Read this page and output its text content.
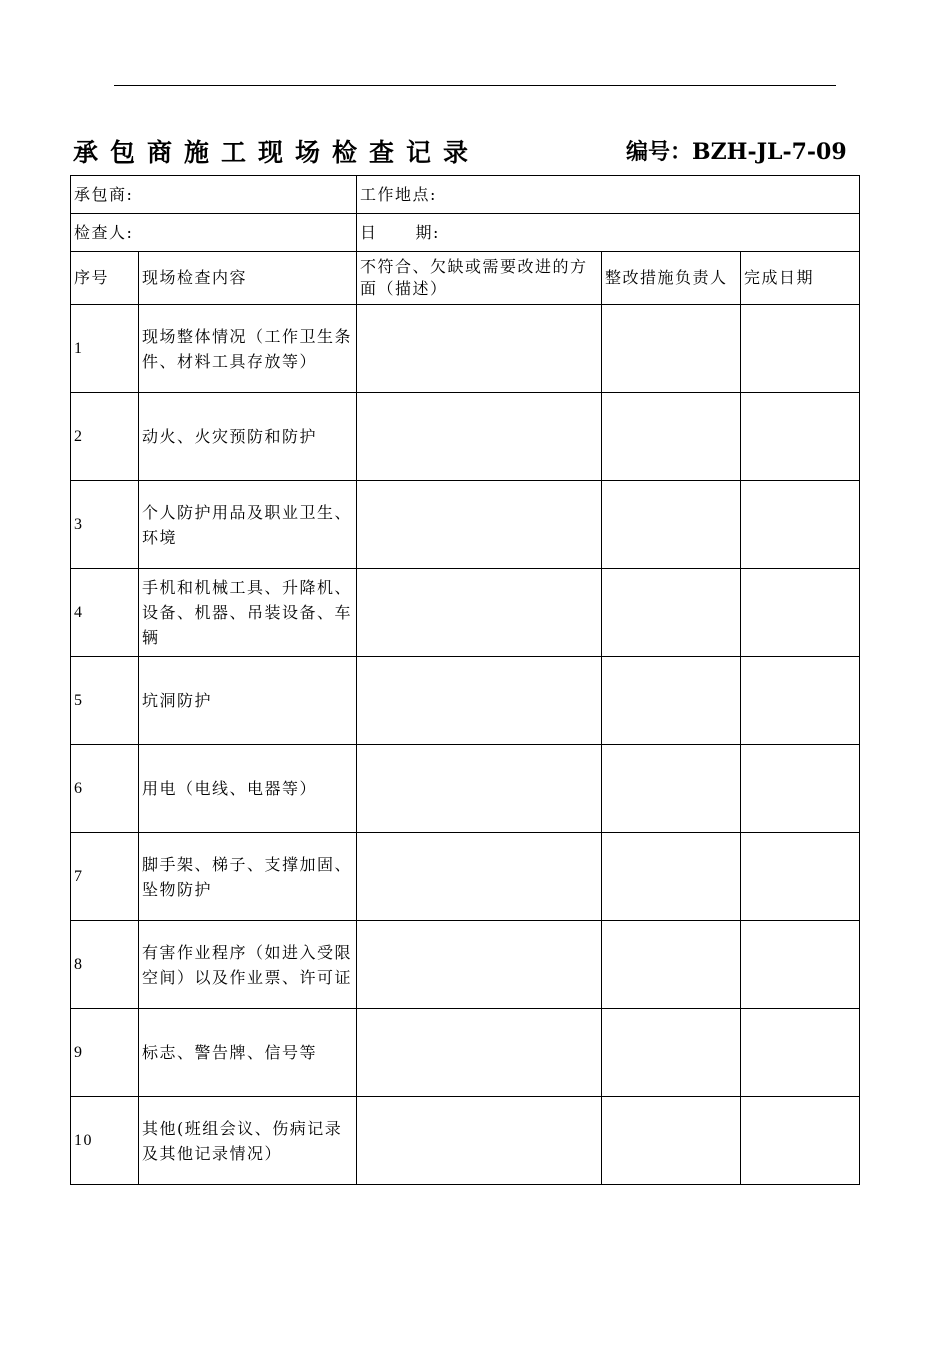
承包商施工现场检查记录	编号：BZH-JL-7-09
承包商:		工作地点:		
检查人:		日 期:		
序号	现场检查内容	不符合、欠缺或需要改进的方面（描述）	整改措施负责人	完成日期
1	现场整体情况（工作卫生条件、材料工具存放等）			
2	动火、火灾预防和防护			
3	个人防护用品及职业卫生、环境			
4	手机和机械工具、升降机、设备、机器、吊装设备、车辆			
5	坑洞防护			
6	用电（电线、电器等）			
7	脚手架、梯子、支撑加固、坠物防护			
8	有害作业程序（如进入受限空间）以及作业票、许可证			
9	标志、警告牌、信号等			
10	其他(班组会议、伤病记录及其他记录情况）			
